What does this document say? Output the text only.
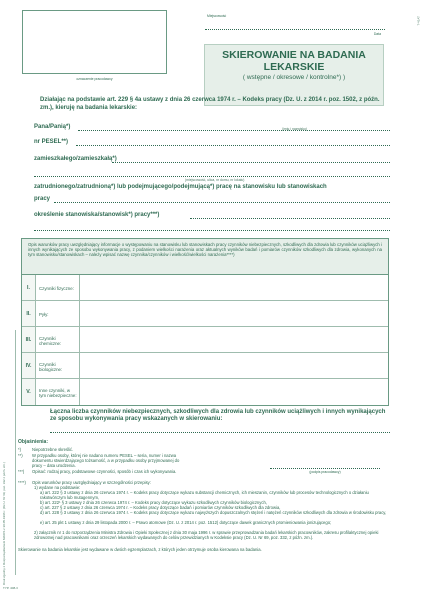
T-41AT
Druk zgodny z Rozporządzeniem MZiOS z 30.05.1996 r. (Dz.U. Nr 69, poz. 332 z późn. zm.)
TYP. 408-3
oznaczenie pracodawcy
Miejscowość
Data
SKIEROWANIE NA BADANIA LEKARSKIE
( wstępne / okresowe / kontrolne*) )
Działając na podstawie art. 229 § 4a ustawy z dnia 26 czerwca 1974 r. – Kodeks pracy (Dz. U. z 2014 r. poz. 1502, z późn. zm.), kieruję na badania lekarskie:
Pana/Panią*)	(imię i nazwisko)
nr PESEL**)
zamieszkałego/zamieszkałą*)
(miejscowość, ulica, nr domu, nr lokalu)
zatrudnionego/zatrudnioną*) lub podejmującego/podejmującą*) pracę na stanowisku lub stanowiskach
pracy
określenie stanowiska/stanowisk*) pracy***)
Opis warunków pracy uwzględniający informacje o występowaniu na stanowisku lub stanowiskach pracy czynników niebezpiecznych, szkodliwych dla zdrowia lub czynników uciążliwych i innych wynikających ze sposobu wykonywania pracy, z podaniem wielkości narażenia oraz aktualnych wyników badań i pomiarów czynników szkodliwych dla zdrowia, wykonanych na tym stanowisku/stanowiskach – należy wpisać nazwę czynnika/czynników i wielkość/wielkości narażenia****)
I.	Czynniki fizyczne:
II.	Pyły:
III.	Czynniki chemiczne:
IV.	Czynniki biologiczne:
V.	Inne czynniki, w tym niebezpieczne:
Łączna liczba czynników niebezpiecznych, szkodliwych dla zdrowia lub czynników uciążliwych i innych wynikających ze sposobu wykonywania pracy wskazanych w skierowaniu:
(podpis pracodawcy)
Objaśnienia:
*)	Niepotrzebne skreślić.
**) W przypadku osoby, której nie nadano numeru PESEL – seria, numer i nazwa dokumentu stwierdzającego tożsamość, a w przypadku osoby przyjmowanej do pracy – data urodzenia.
***) Opisać: rodzaj pracy, podstawowe czynności, sposób i czas ich wykonywania.
****) Opis warunków pracy uwzględniający w szczególności przepisy:
1) wydane na podstawie:
a) art. 222 § 3 ustawy z dnia 26 czerwca 1974 r. – Kodeks pracy dotyczące wykazu substancji chemicznych, ich mieszanin, czynników lub procesów technologicznych o działaniu rakotwórczym lub mutagennym,
b) art. 222¹ § 3 ustawy z dnia 26 czerwca 1974 r. – Kodeks pracy dotyczące wykazu szkodliwych czynników biologicznych,
c) art. 227 § 2 ustawy z dnia 26 czerwca 1974 r. – Kodeks pracy dotyczące badań i pomiarów czynników szkodliwych dla zdrowia,
d) art. 228 § 3 ustawy z dnia 26 czerwca 1974 r. – Kodeks pracy dotyczące wykazu najwyższych dopuszczalnych stężeń i natężeń czynników szkodliwych dla zdrowia w środowisku pracy,
e) art. 25 pkt 1 ustawy z dnia 29 listopada 2000 r. – Prawo atomowe (Dz. U. z 2014 r. poz. 1512) dotyczące dawek granicznych promieniowania jonizującego;
2) załącznik nr 1 do rozporządzenia Ministra Zdrowia i Opieki Społecznej z dnia 30 maja 1996 r. w sprawie przeprowadzania badań lekarskich pracowników, zakresu profilaktycznej opieki zdrowotnej nad pracownikami oraz orzeczeń lekarskich wydawanych do celów przewidzianych w Kodeksie pracy (Dz. U. Nr 69, poz. 332, z późn. zm.).
Skierowanie na badania lekarskie jest wydawane w dwóch egzemplarzach, z których jeden otrzymuje osoba kierowana na badania.
